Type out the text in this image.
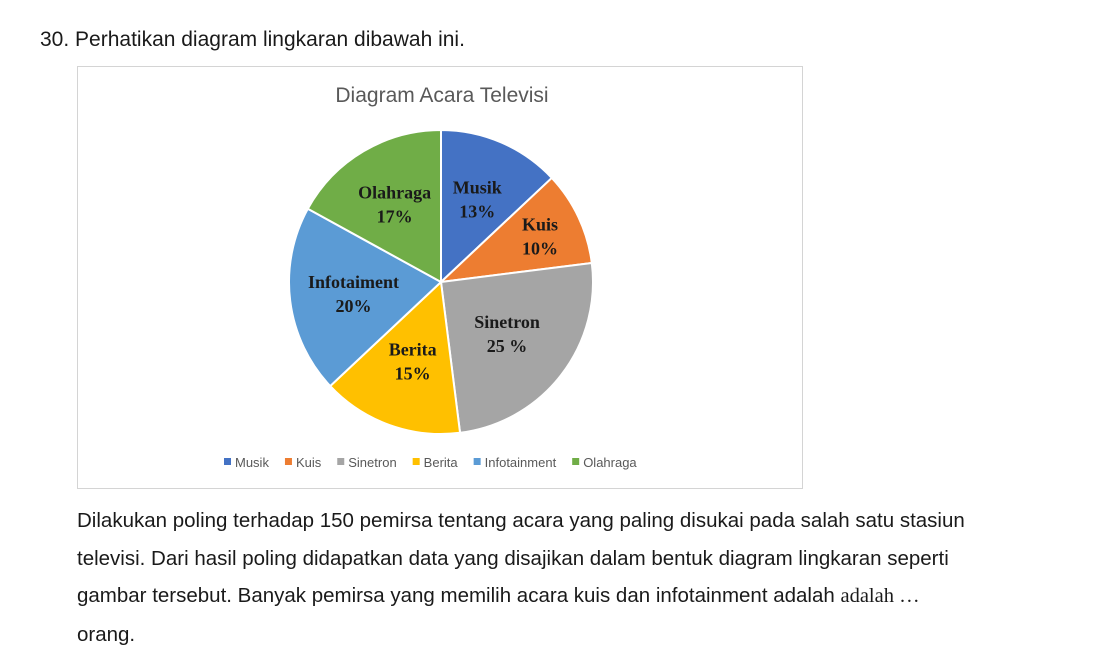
30. Perhatikan diagram lingkaran dibawah ini.
Diagram Acara Televisi
Musik
13%
Kuis
10%
Sinetron
25 %
Berita
15%
Infotaiment
20%
Olahraga
17%
Musik Kuis Sinetron Berita Infotainment Olahraga
Dilakukan poling terhadap 150 pemirsa tentang acara yang paling disukai pada salah satu stasiun
televisi. Dari hasil poling didapatkan data yang disajikan dalam bentuk diagram lingkaran seperti
gambar tersebut. Banyak pemirsa yang memilih acara kuis dan infotainment adalah adalah …
orang.
